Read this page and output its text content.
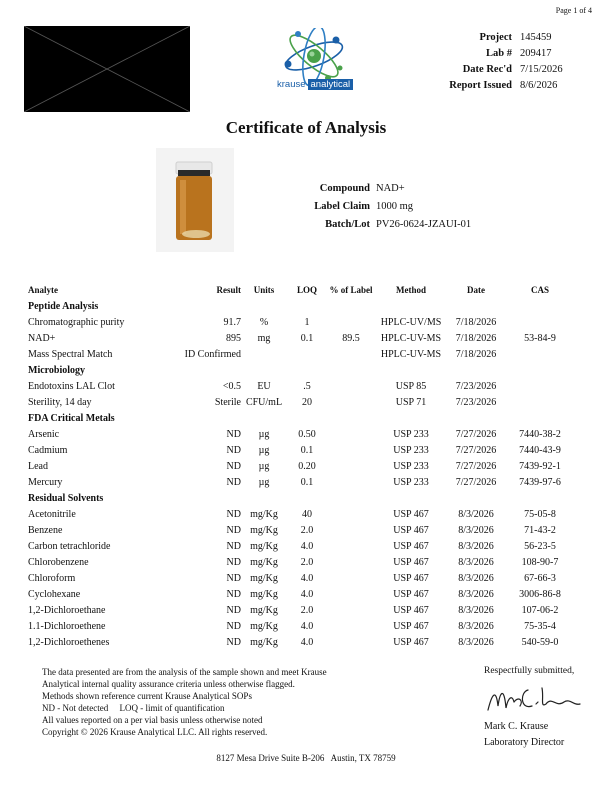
Page 1 of 4
krause analytical
Project 145459
Lab # 209417
Date Rec'd 7/15/2026
Report Issued 8/6/2026
Certificate of Analysis
Compound NAD+
Label Claim 1000 mg
Batch/Lot PV26-0624-JZAUI-01
Analyte	Result	Units	LOQ	% of Label	Method	Date	CAS
Peptide Analysis							
Chromatographic purity	91.7	%	1		HPLC-UV/MS	7/18/2026	
NAD+	895	mg	0.1	89.5	HPLC-UV-MS	7/18/2026	53-84-9
Mass Spectral Match	ID Confirmed				HPLC-UV-MS	7/18/2026	
Microbiology							
Endotoxins LAL Clot	<0.5	EU	.5		USP 85	7/23/2026	
Sterility, 14 day	Sterile	CFU/mL	20		USP 71	7/23/2026	
FDA Critical Metals							
Arsenic	ND	µg	0.50		USP 233	7/27/2026	7440-38-2
Cadmium	ND	µg	0.1		USP 233	7/27/2026	7440-43-9
Lead	ND	µg	0.20		USP 233	7/27/2026	7439-92-1
Mercury	ND	µg	0.1		USP 233	7/27/2026	7439-97-6
Residual Solvents							
Acetonitrile	ND	mg/Kg	40		USP 467	8/3/2026	75-05-8
Benzene	ND	mg/Kg	2.0		USP 467	8/3/2026	71-43-2
Carbon tetrachloride	ND	mg/Kg	4.0		USP 467	8/3/2026	56-23-5
Chlorobenzene	ND	mg/Kg	2.0		USP 467	8/3/2026	108-90-7
Chloroform	ND	mg/Kg	4.0		USP 467	8/3/2026	67-66-3
Cyclohexane	ND	mg/Kg	4.0		USP 467	8/3/2026	3006-86-8
1,2-Dichloroethane	ND	mg/Kg	2.0		USP 467	8/3/2026	107-06-2
1.1-Dichloroethene	ND	mg/Kg	4.0		USP 467	8/3/2026	75-35-4
1,2-Dichloroethenes	ND	mg/Kg	4.0		USP 467	8/3/2026	540-59-0
The data presented are from the analysis of the sample shown and meet Krause
Analytical internal quality assurance criteria unless otherwise flagged.
Methods shown reference current Krause Analytical SOPs
ND - Not detected     LOQ - limit of quantification
All values reported on a per vial basis unless otherwise noted
Copyright © 2026 Krause Analytical LLC. All rights reserved.
Respectfully submitted,
Mark C. Krause
Laboratory Director
8127 Mesa Drive Suite B-206   Austin, TX 78759
